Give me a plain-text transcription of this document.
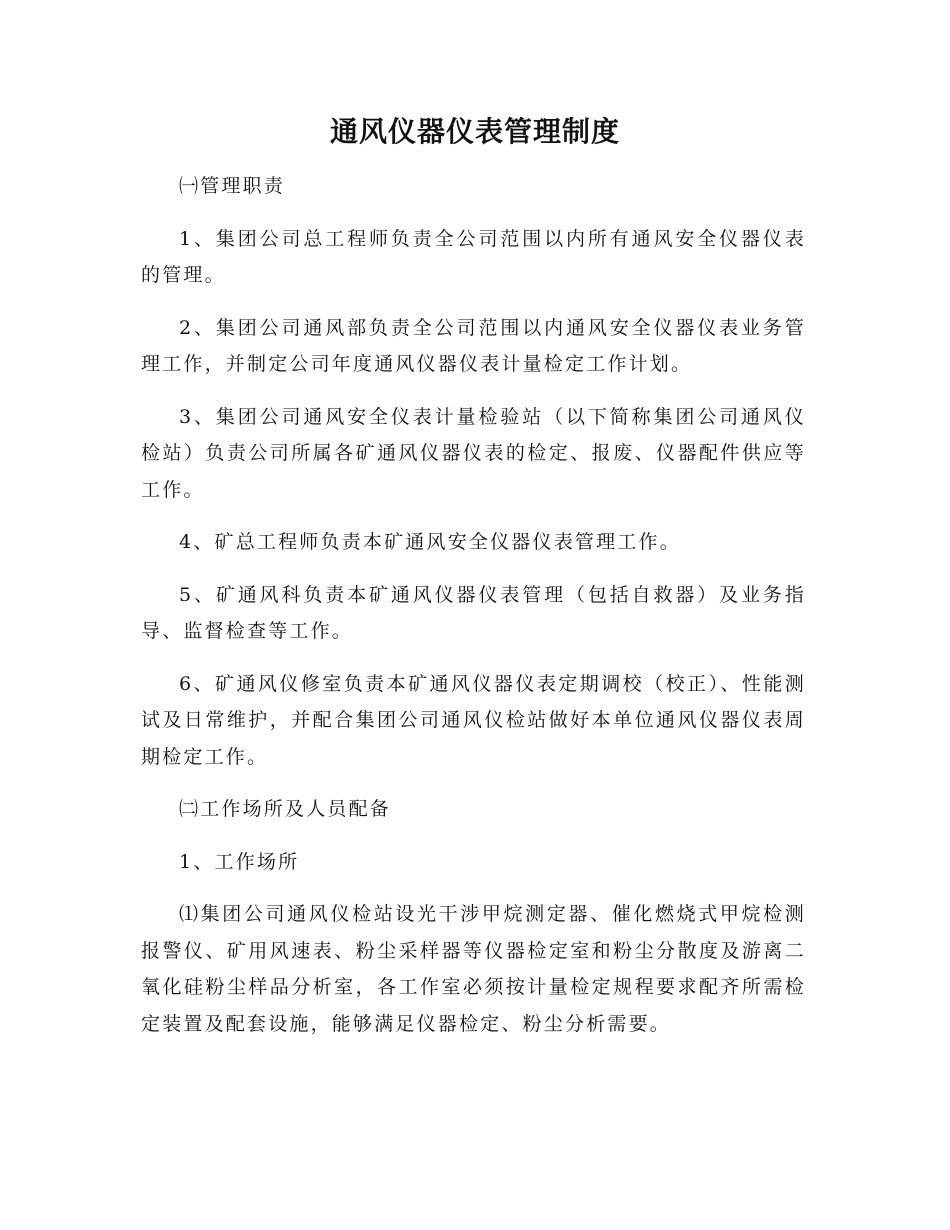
通风仪器仪表管理制度

㈠管理职责

1、集团公司总工程师负责全公司范围以内所有通风安全仪器仪表的管理。

2、集团公司通风部负责全公司范围以内通风安全仪器仪表业务管理工作，并制定公司年度通风仪器仪表计量检定工作计划。

3、集团公司通风安全仪表计量检验站（以下简称集团公司通风仪检站）负责公司所属各矿通风仪器仪表的检定、报废、仪器配件供应等工作。

4、矿总工程师负责本矿通风安全仪器仪表管理工作。

5、矿通风科负责本矿通风仪器仪表管理（包括自救器）及业务指导、监督检查等工作。

6、矿通风仪修室负责本矿通风仪器仪表定期调校（校正）、性能测试及日常维护，并配合集团公司通风仪检站做好本单位通风仪器仪表周期检定工作。

㈡工作场所及人员配备

1、工作场所

⑴集团公司通风仪检站设光干涉甲烷测定器、催化燃烧式甲烷检测报警仪、矿用风速表、粉尘采样器等仪器检定室和粉尘分散度及游离二氧化硅粉尘样品分析室，各工作室必须按计量检定规程要求配齐所需检定装置及配套设施，能够满足仪器检定、粉尘分析需要。
